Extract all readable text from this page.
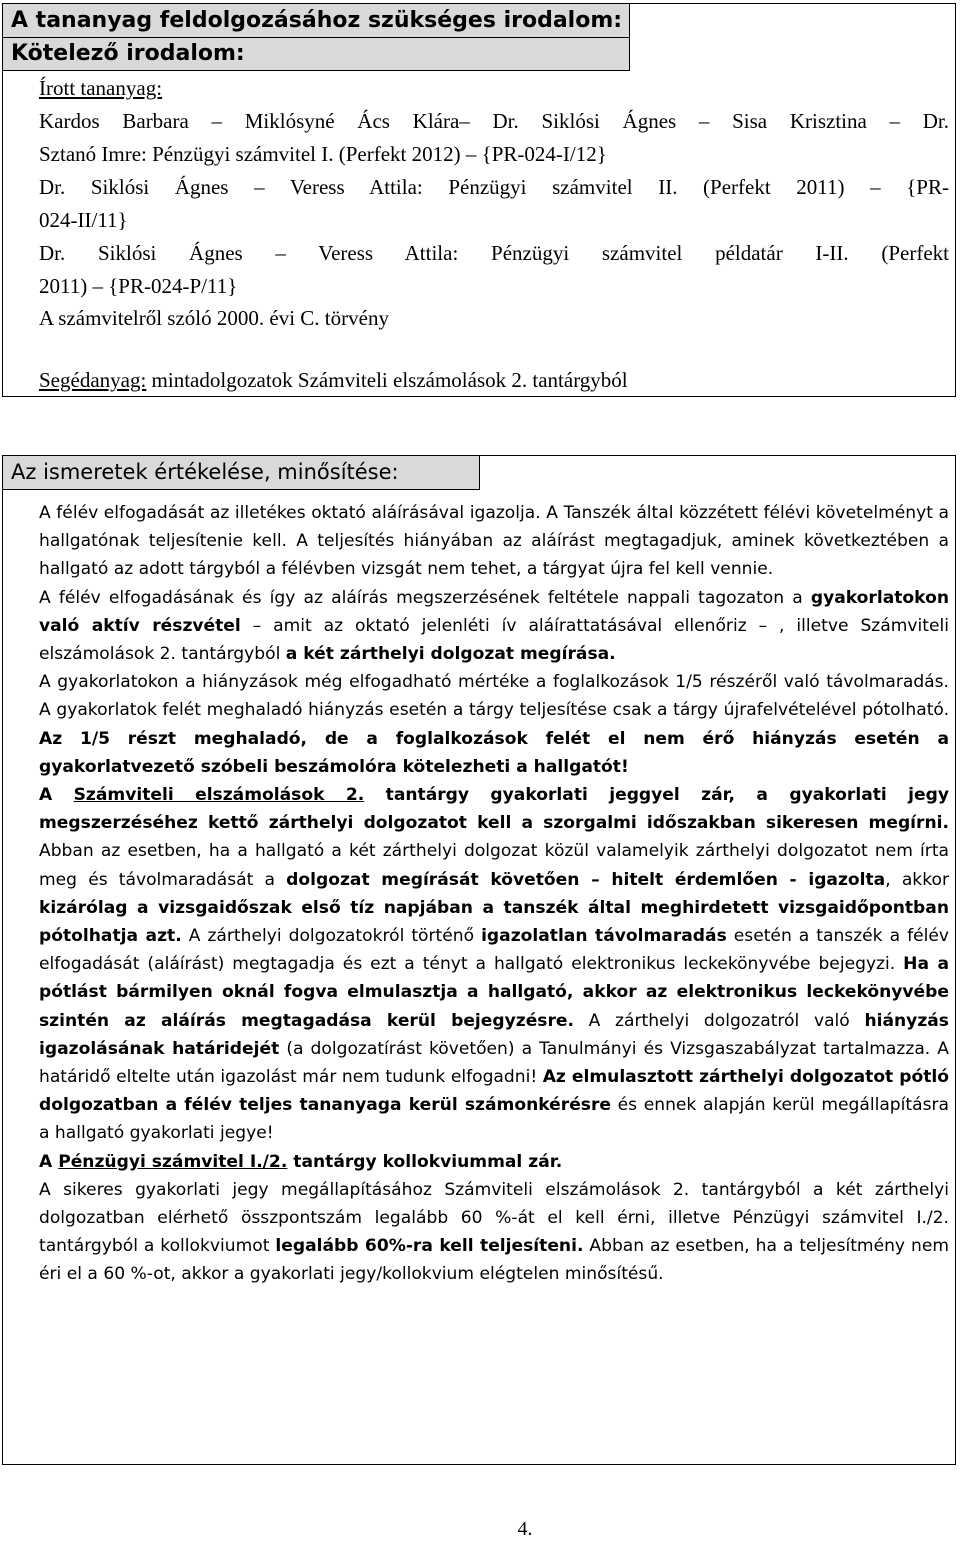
A tananyag feldolgozásához szükséges irodalom:
Kötelező irodalom:
Írott tananyag:
Kardos Barbara – Miklósyné Ács Klára– Dr. Siklósi Ágnes – Sisa Krisztina – Dr.
Sztanó Imre: Pénzügyi számvitel I. (Perfekt 2012) – {PR-024-I/12}
Dr. Siklósi Ágnes – Veress Attila: Pénzügyi számvitel II. (Perfekt 2011) – {PR-
024-II/11}
Dr. Siklósi Ágnes – Veress Attila: Pénzügyi számvitel példatár I-II. (Perfekt
2011) – {PR-024-P/11}
A számvitelről szóló 2000. évi C. törvény
Segédanyag: mintadolgozatok Számviteli elszámolások 2. tantárgyból
Az ismeretek értékelése, minősítése:

A félév elfogadását az illetékes oktató aláírásával igazolja. A Tanszék által közzétett félévi követelményt a hallgatónak teljesítenie kell. A teljesítés hiányában az aláírást megtagadjuk, aminek következtében a hallgató az adott tárgyból a félévben vizsgát nem tehet, a tárgyat újra fel kell vennie.

A félév elfogadásának és így az aláírás megszerzésének feltétele nappali tagozaton a gyakorlatokon való aktív részvétel – amit az oktató jelenléti ív aláírattatásával ellenőriz – , illetve Számviteli elszámolások 2. tantárgyból a két zárthelyi dolgozat megírása.

A gyakorlatokon a hiányzások még elfogadható mértéke a foglalkozások 1/5 részéről való távolmaradás. A gyakorlatok felét meghaladó hiányzás esetén a tárgy teljesítése csak a tárgy újrafelvételével pótolható. Az 1/5 részt meghaladó, de a foglalkozások felét el nem érő hiányzás esetén a gyakorlatvezető szóbeli beszámolóra kötelezheti a hallgatót!

A Számviteli elszámolások 2. tantárgy gyakorlati jeggyel zár, a gyakorlati jegy megszerzéséhez kettő zárthelyi dolgozatot kell a szorgalmi időszakban sikeresen megírni. Abban az esetben, ha a hallgató a két zárthelyi dolgozat közül valamelyik zárthelyi dolgozatot nem írta meg és távolmaradását a dolgozat megírását követően – hitelt érdemlően - igazolta, akkor kizárólag a vizsgaidőszak első tíz napjában a tanszék által meghirdetett vizsgaidőpontban pótolhatja azt. A zárthelyi dolgozatokról történő igazolatlan távolmaradás esetén a tanszék a félév elfogadását (aláírást) megtagadja és ezt a tényt a hallgató elektronikus leckekönyvébe bejegyzi. Ha a pótlást bármilyen oknál fogva elmulasztja a hallgató, akkor az elektronikus leckekönyvébe szintén az aláírás megtagadása kerül bejegyzésre. A zárthelyi dolgozatról való hiányzás igazolásának határidejét (a dolgozatírást követően) a Tanulmányi és Vizsgaszabályzat tartalmazza. A határidő eltelte után igazolást már nem tudunk elfogadni! Az elmulasztott zárthelyi dolgozatot pótló dolgozatban a félév teljes tananyaga kerül számonkérésre és ennek alapján kerül megállapításra a hallgató gyakorlati jegye!

A Pénzügyi számvitel I./2. tantárgy kollokviummal zár.

A sikeres gyakorlati jegy megállapításához Számviteli elszámolások 2. tantárgyból a két zárthelyi dolgozatban elérhető összpontszám legalább 60 %-át el kell érni, illetve Pénzügyi számvitel I./2. tantárgyból a kollokviumot legalább 60%-ra kell teljesíteni. Abban az esetben, ha a teljesítmény nem éri el a 60 %-ot, akkor a gyakorlati jegy/kollokvium elégtelen minősítésű.

4.
